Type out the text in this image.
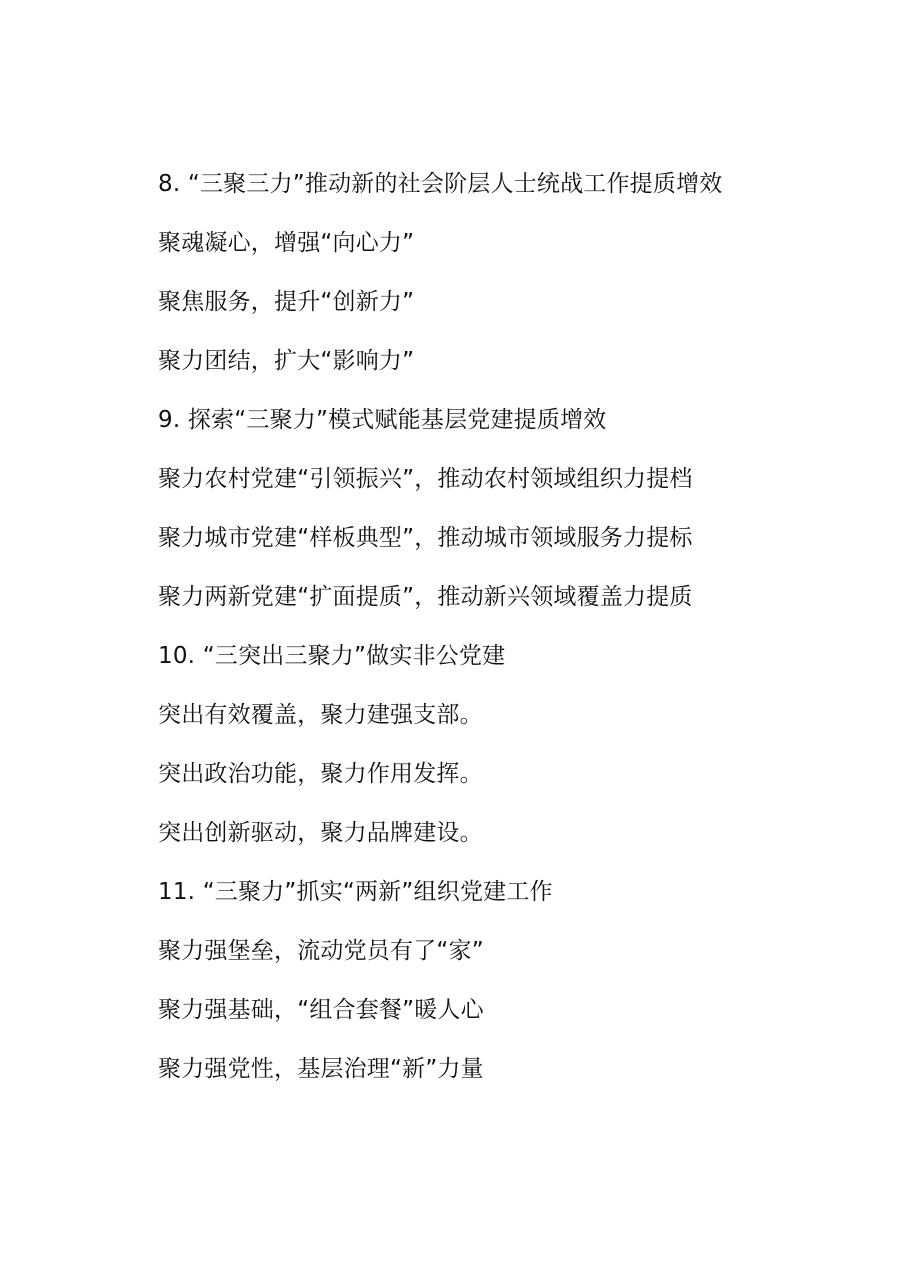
8. “三聚三力”推动新的社会阶层人士统战工作提质增效
聚魂凝心，增强“向心力”
聚焦服务，提升“创新力”
聚力团结，扩大“影响力”
9. 探索“三聚力”模式赋能基层党建提质增效
聚力农村党建“引领振兴”，推动农村领域组织力提档
聚力城市党建“样板典型”，推动城市领域服务力提标
聚力两新党建“扩面提质”，推动新兴领域覆盖力提质
10. “三突出三聚力”做实非公党建
突出有效覆盖，聚力建强支部。
突出政治功能，聚力作用发挥。
突出创新驱动，聚力品牌建设。
11. “三聚力”抓实“两新”组织党建工作
聚力强堡垒，流动党员有了“家”
聚力强基础，“组合套餐”暖人心
聚力强党性，基层治理“新”力量
